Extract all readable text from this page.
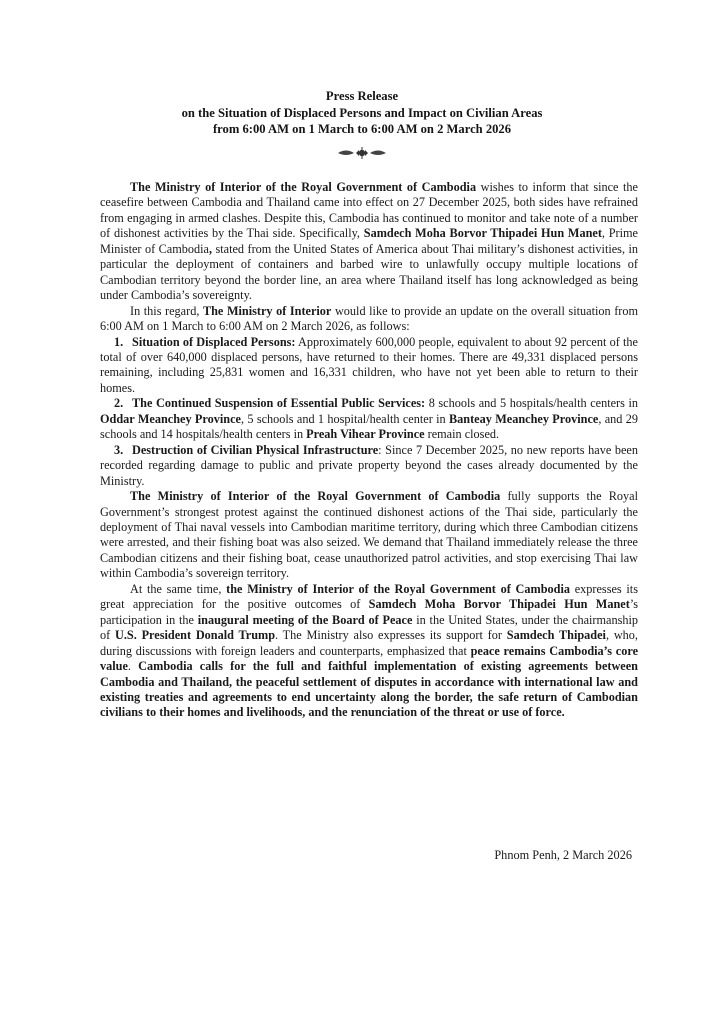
Press Release
on the Situation of Displaced Persons and Impact on Civilian Areas
from 6:00 AM on 1 March to 6:00 AM on 2 March 2026

The Ministry of Interior of the Royal Government of Cambodia wishes to inform that since the ceasefire between Cambodia and Thailand came into effect on 27 December 2025, both sides have refrained from engaging in armed clashes. Despite this, Cambodia has continued to monitor and take note of a number of dishonest activities by the Thai side. Specifically, Samdech Moha Borvor Thipadei Hun Manet, Prime Minister of Cambodia, stated from the United States of America about Thai military’s dishonest activities, in particular the deployment of containers and barbed wire to unlawfully occupy multiple locations of Cambodian territory beyond the border line, an area where Thailand itself has long acknowledged as being under Cambodia’s sovereignty.

In this regard, The Ministry of Interior would like to provide an update on the overall situation from 6:00 AM on 1 March to 6:00 AM on 2 March 2026, as follows:

1. Situation of Displaced Persons: Approximately 600,000 people, equivalent to about 92 percent of the total of over 640,000 displaced persons, have returned to their homes. There are 49,331 displaced persons remaining, including 25,831 women and 16,331 children, who have not yet been able to return to their homes.

2. The Continued Suspension of Essential Public Services: 8 schools and 5 hospitals/health centers in Oddar Meanchey Province, 5 schools and 1 hospital/health center in Banteay Meanchey Province, and 29 schools and 14 hospitals/health centers in Preah Vihear Province remain closed.

3. Destruction of Civilian Physical Infrastructure: Since 7 December 2025, no new reports have been recorded regarding damage to public and private property beyond the cases already documented by the Ministry.

The Ministry of Interior of the Royal Government of Cambodia fully supports the Royal Government’s strongest protest against the continued dishonest actions of the Thai side, particularly the deployment of Thai naval vessels into Cambodian maritime territory, during which three Cambodian citizens were arrested, and their fishing boat was also seized. We demand that Thailand immediately release the three Cambodian citizens and their fishing boat, cease unauthorized patrol activities, and stop exercising Thai law within Cambodia’s sovereign territory.

At the same time, the Ministry of Interior of the Royal Government of Cambodia expresses its great appreciation for the positive outcomes of Samdech Moha Borvor Thipadei Hun Manet’s participation in the inaugural meeting of the Board of Peace in the United States, under the chairmanship of U.S. President Donald Trump. The Ministry also expresses its support for Samdech Thipadei, who, during discussions with foreign leaders and counterparts, emphasized that peace remains Cambodia’s core value. Cambodia calls for the full and faithful implementation of existing agreements between Cambodia and Thailand, the peaceful settlement of disputes in accordance with international law and existing treaties and agreements to end uncertainty along the border, the safe return of Cambodian civilians to their homes and livelihoods, and the renunciation of the threat or use of force.

Phnom Penh, 2 March 2026
